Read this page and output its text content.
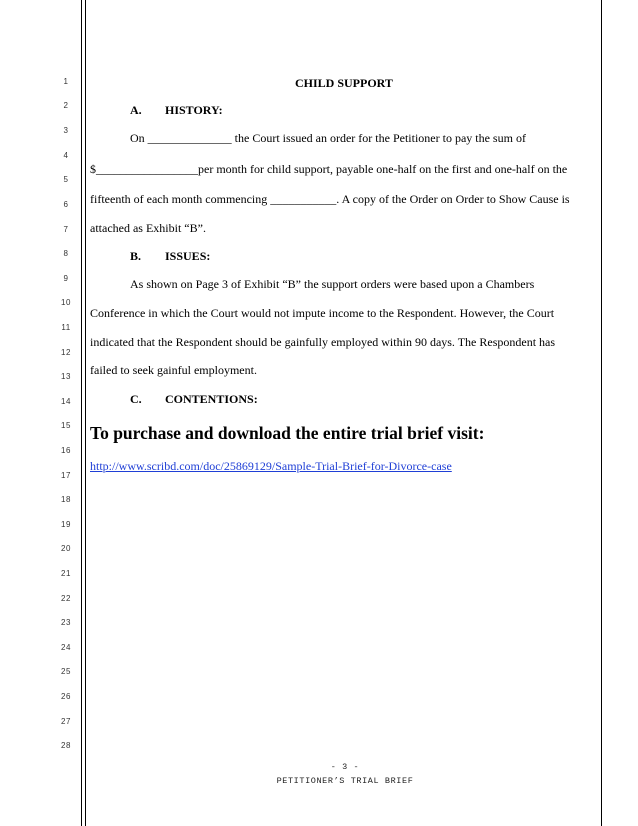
1
2
3
4
5
6
7
8
9
10
11
12
13
14
15
16
17
18
19
20
21
22
23
24
25
26
27
28
CHILD SUPPORT
A. HISTORY:
On ______________ the Court issued an order for the Petitioner to pay the sum of
$_________________per month for child support, payable one-half on the first and one-half on the
fifteenth of each month commencing ___________. A copy of the Order on Order to Show Cause is
attached as Exhibit “B”.
B. ISSUES:
As shown on Page 3 of Exhibit “B” the support orders were based upon a Chambers
Conference in which the Court would not impute income to the Respondent. However, the Court
indicated that the Respondent should be gainfully employed within 90 days. The Respondent has
failed to seek gainful employment.
C. CONTENTIONS:
To purchase and download the entire trial brief visit:
http://www.scribd.com/doc/25869129/Sample-Trial-Brief-for-Divorce-case
- 3 -
PETITIONER’S TRIAL BRIEF
